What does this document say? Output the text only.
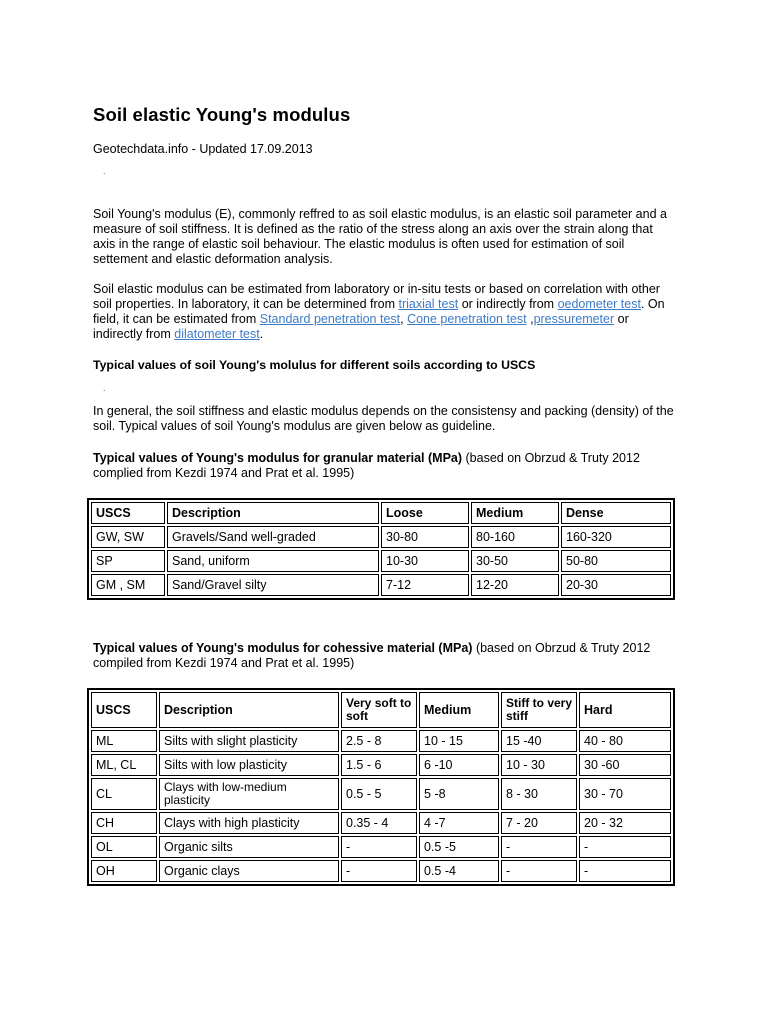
Soil elastic Young's modulus
Geotechdata.info - Updated 17.09.2013
.

Soil Young's modulus (E), commonly reffred to as soil elastic modulus, is an elastic soil parameter and a measure of soil stiffness. It is defined as the ratio of the stress along an axis over the strain along that axis in the range of elastic soil behaviour. The elastic modulus is often used for estimation of soil settement and elastic deformation analysis.

Soil elastic modulus can be estimated from laboratory or in-situ tests or based on correlation with other soil properties. In laboratory, it can be determined from triaxial test or indirectly from oedometer test. On field, it can be estimated from Standard penetration test, Cone penetration test ,pressuremeter or indirectly from dilatometer test.

Typical values of soil Young's molulus for different soils according to USCS
.

In general, the soil stiffness and elastic modulus depends on the consistensy and packing (density) of the soil. Typical values of soil Young's modulus are given below as guideline.

Typical values of Young's modulus for granular material (MPa) (based on Obrzud & Truty 2012 complied from Kezdi 1974 and Prat et al. 1995)
Typical values of Young's modulus for cohessive material (MPa) (based on Obrzud & Truty 2012 compiled from Kezdi 1974 and Prat et al. 1995)
USCS	Description	Loose	Medium	Dense
GW, SW	Gravels/Sand well-graded	30-80	80-160	160-320
SP	Sand, uniform	10-30	30-50	50-80
GM , SM	Sand/Gravel silty	7-12	12-20	20-30
USCS	Description	Very soft to soft	Medium	Stiff to very stiff	Hard
ML	Silts with slight plasticity	2.5 - 8	10 - 15	15 -40	40 - 80
ML, CL	Silts with low plasticity	1.5 - 6	6 -10	10 - 30	30 -60
CL	Clays with low-medium plasticity	0.5 - 5	5 -8	8 - 30	30 - 70
CH	Clays with high plasticity	0.35 - 4	4 -7	7 - 20	20 - 32
OL	Organic silts	-	0.5 -5	-	-
OH	Organic clays	-	0.5 -4	-	-
